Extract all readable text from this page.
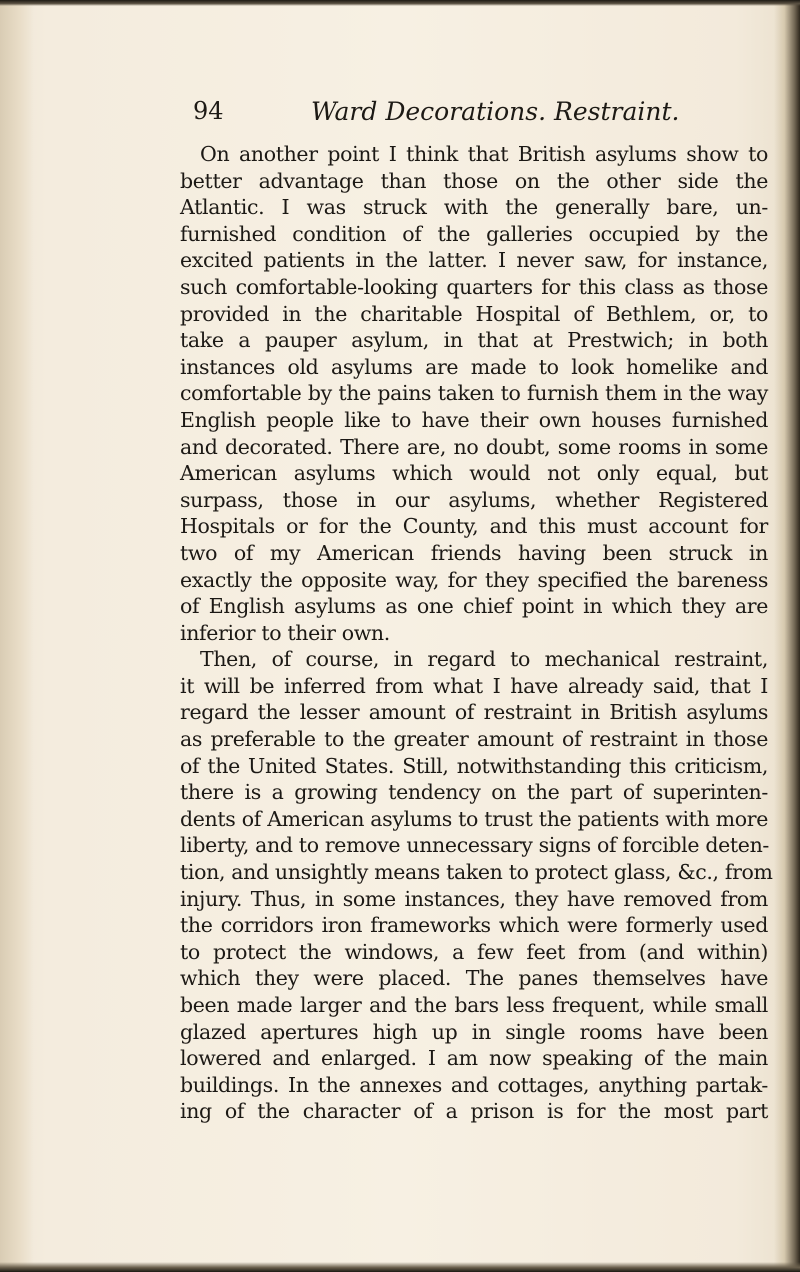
94	Ward Decorations. Restraint.
On another point I think that British asylums show to
better advantage than those on the other side the
Atlantic. I was struck with the generally bare, un-
furnished condition of the galleries occupied by the
excited patients in the latter. I never saw, for instance,
such comfortable-looking quarters for this class as those
provided in the charitable Hospital of Bethlem, or, to
take a pauper asylum, in that at Prestwich; in both
instances old asylums are made to look homelike and
comfortable by the pains taken to furnish them in the way
English people like to have their own houses furnished
and decorated. There are, no doubt, some rooms in some
American asylums which would not only equal, but
surpass, those in our asylums, whether Registered
Hospitals or for the County, and this must account for
two of my American friends having been struck in
exactly the opposite way, for they specified the bareness
of English asylums as one chief point in which they are
inferior to their own.
Then, of course, in regard to mechanical restraint,
it will be inferred from what I have already said, that I
regard the lesser amount of restraint in British asylums
as preferable to the greater amount of restraint in those
of the United States. Still, notwithstanding this criticism,
there is a growing tendency on the part of superinten-
dents of American asylums to trust the patients with more
liberty, and to remove unnecessary signs of forcible deten-
tion, and unsightly means taken to protect glass, &c., from
injury. Thus, in some instances, they have removed from
the corridors iron frameworks which were formerly used
to protect the windows, a few feet from (and within)
which they were placed. The panes themselves have
been made larger and the bars less frequent, while small
glazed apertures high up in single rooms have been
lowered and enlarged. I am now speaking of the main
buildings. In the annexes and cottages, anything partak-
ing of the character of a prison is for the most part
